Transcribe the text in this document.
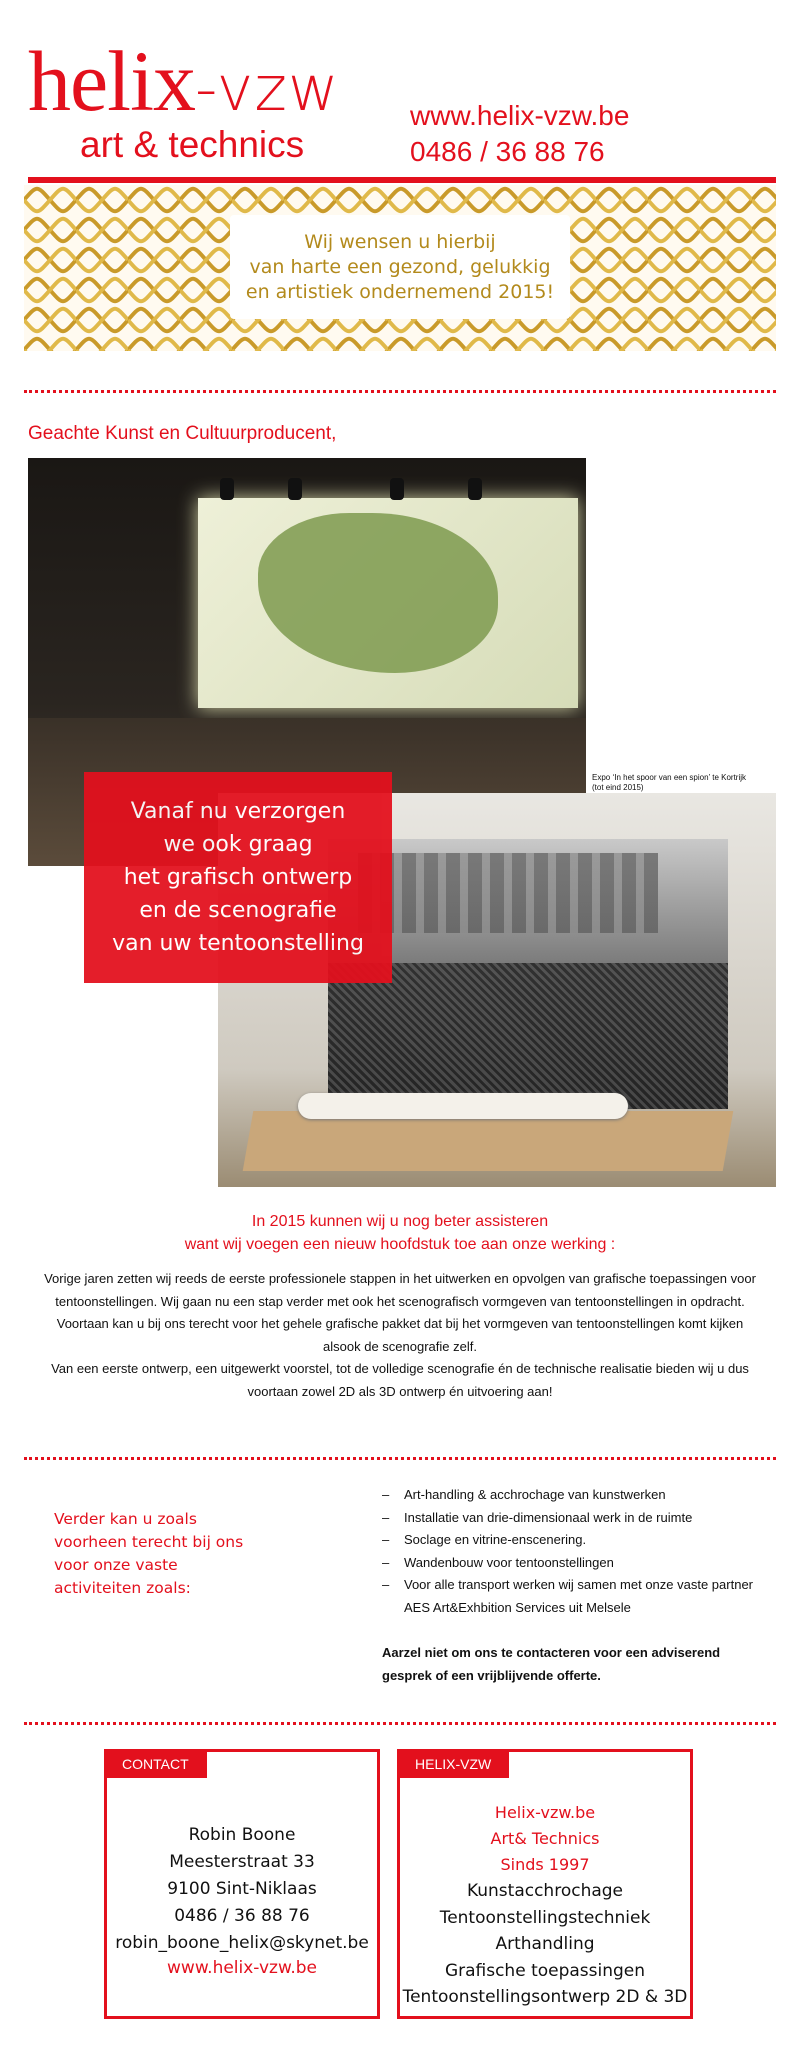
helix-vzw
art & technics
www.helix-vzw.be
0486 / 36 88 76
Wij wensen u hierbij
van harte een gezond, gelukkig
en artistiek ondernemend 2015!
Geachte Kunst en Cultuurproducent,
Expo ‘In het spoor van een spion’ te Kortrijk
(tot eind 2015)
Vanaf nu verzorgen
we ook graag
het grafisch ontwerp
en de scenografie
van uw tentoonstelling
In 2015 kunnen wij u nog beter assisteren
want wij voegen een nieuw hoofdstuk toe aan onze werking :
Vorige jaren zetten wij reeds de eerste professionele stappen in het uitwerken en opvolgen van grafische toepassingen voor tentoonstellingen. Wij gaan nu een stap verder met ook het scenografisch vormgeven van tentoonstellingen in opdracht.
Voortaan kan u bij ons terecht voor het gehele grafische pakket dat bij het vormgeven van tentoonstellingen komt kijken alsook de scenografie zelf.
Van een eerste ontwerp, een uitgewerkt voorstel, tot de volledige scenografie én de technische realisatie bieden wij u dus voortaan zowel 2D als 3D ontwerp én uitvoering aan!
Verder kan u zoals
voorheen terecht bij ons
voor onze vaste
activiteiten zoals:
– Art-handling & acchrochage van kunstwerken
– Installatie van drie-dimensionaal werk in de ruimte
– Soclage en vitrine-enscenering.
– Wandenbouw voor tentoonstellingen
– Voor alle transport werken wij samen met onze vaste partner AES Art&Exhbition Services uit Melsele
Aarzel niet om ons te contacteren voor een adviserend gesprek of een vrijblijvende offerte.
CONTACT
Robin Boone
Meesterstraat 33
9100 Sint-Niklaas
0486 / 36 88 76
robin_boone_helix@skynet.be
www.helix-vzw.be
HELIX-VZW
Helix-vzw.be
Art& Technics
Sinds 1997
Kunstacchrochage
Tentoonstellingstechniek
Arthandling
Grafische toepassingen
Tentoonstellingsontwerp 2D & 3D
